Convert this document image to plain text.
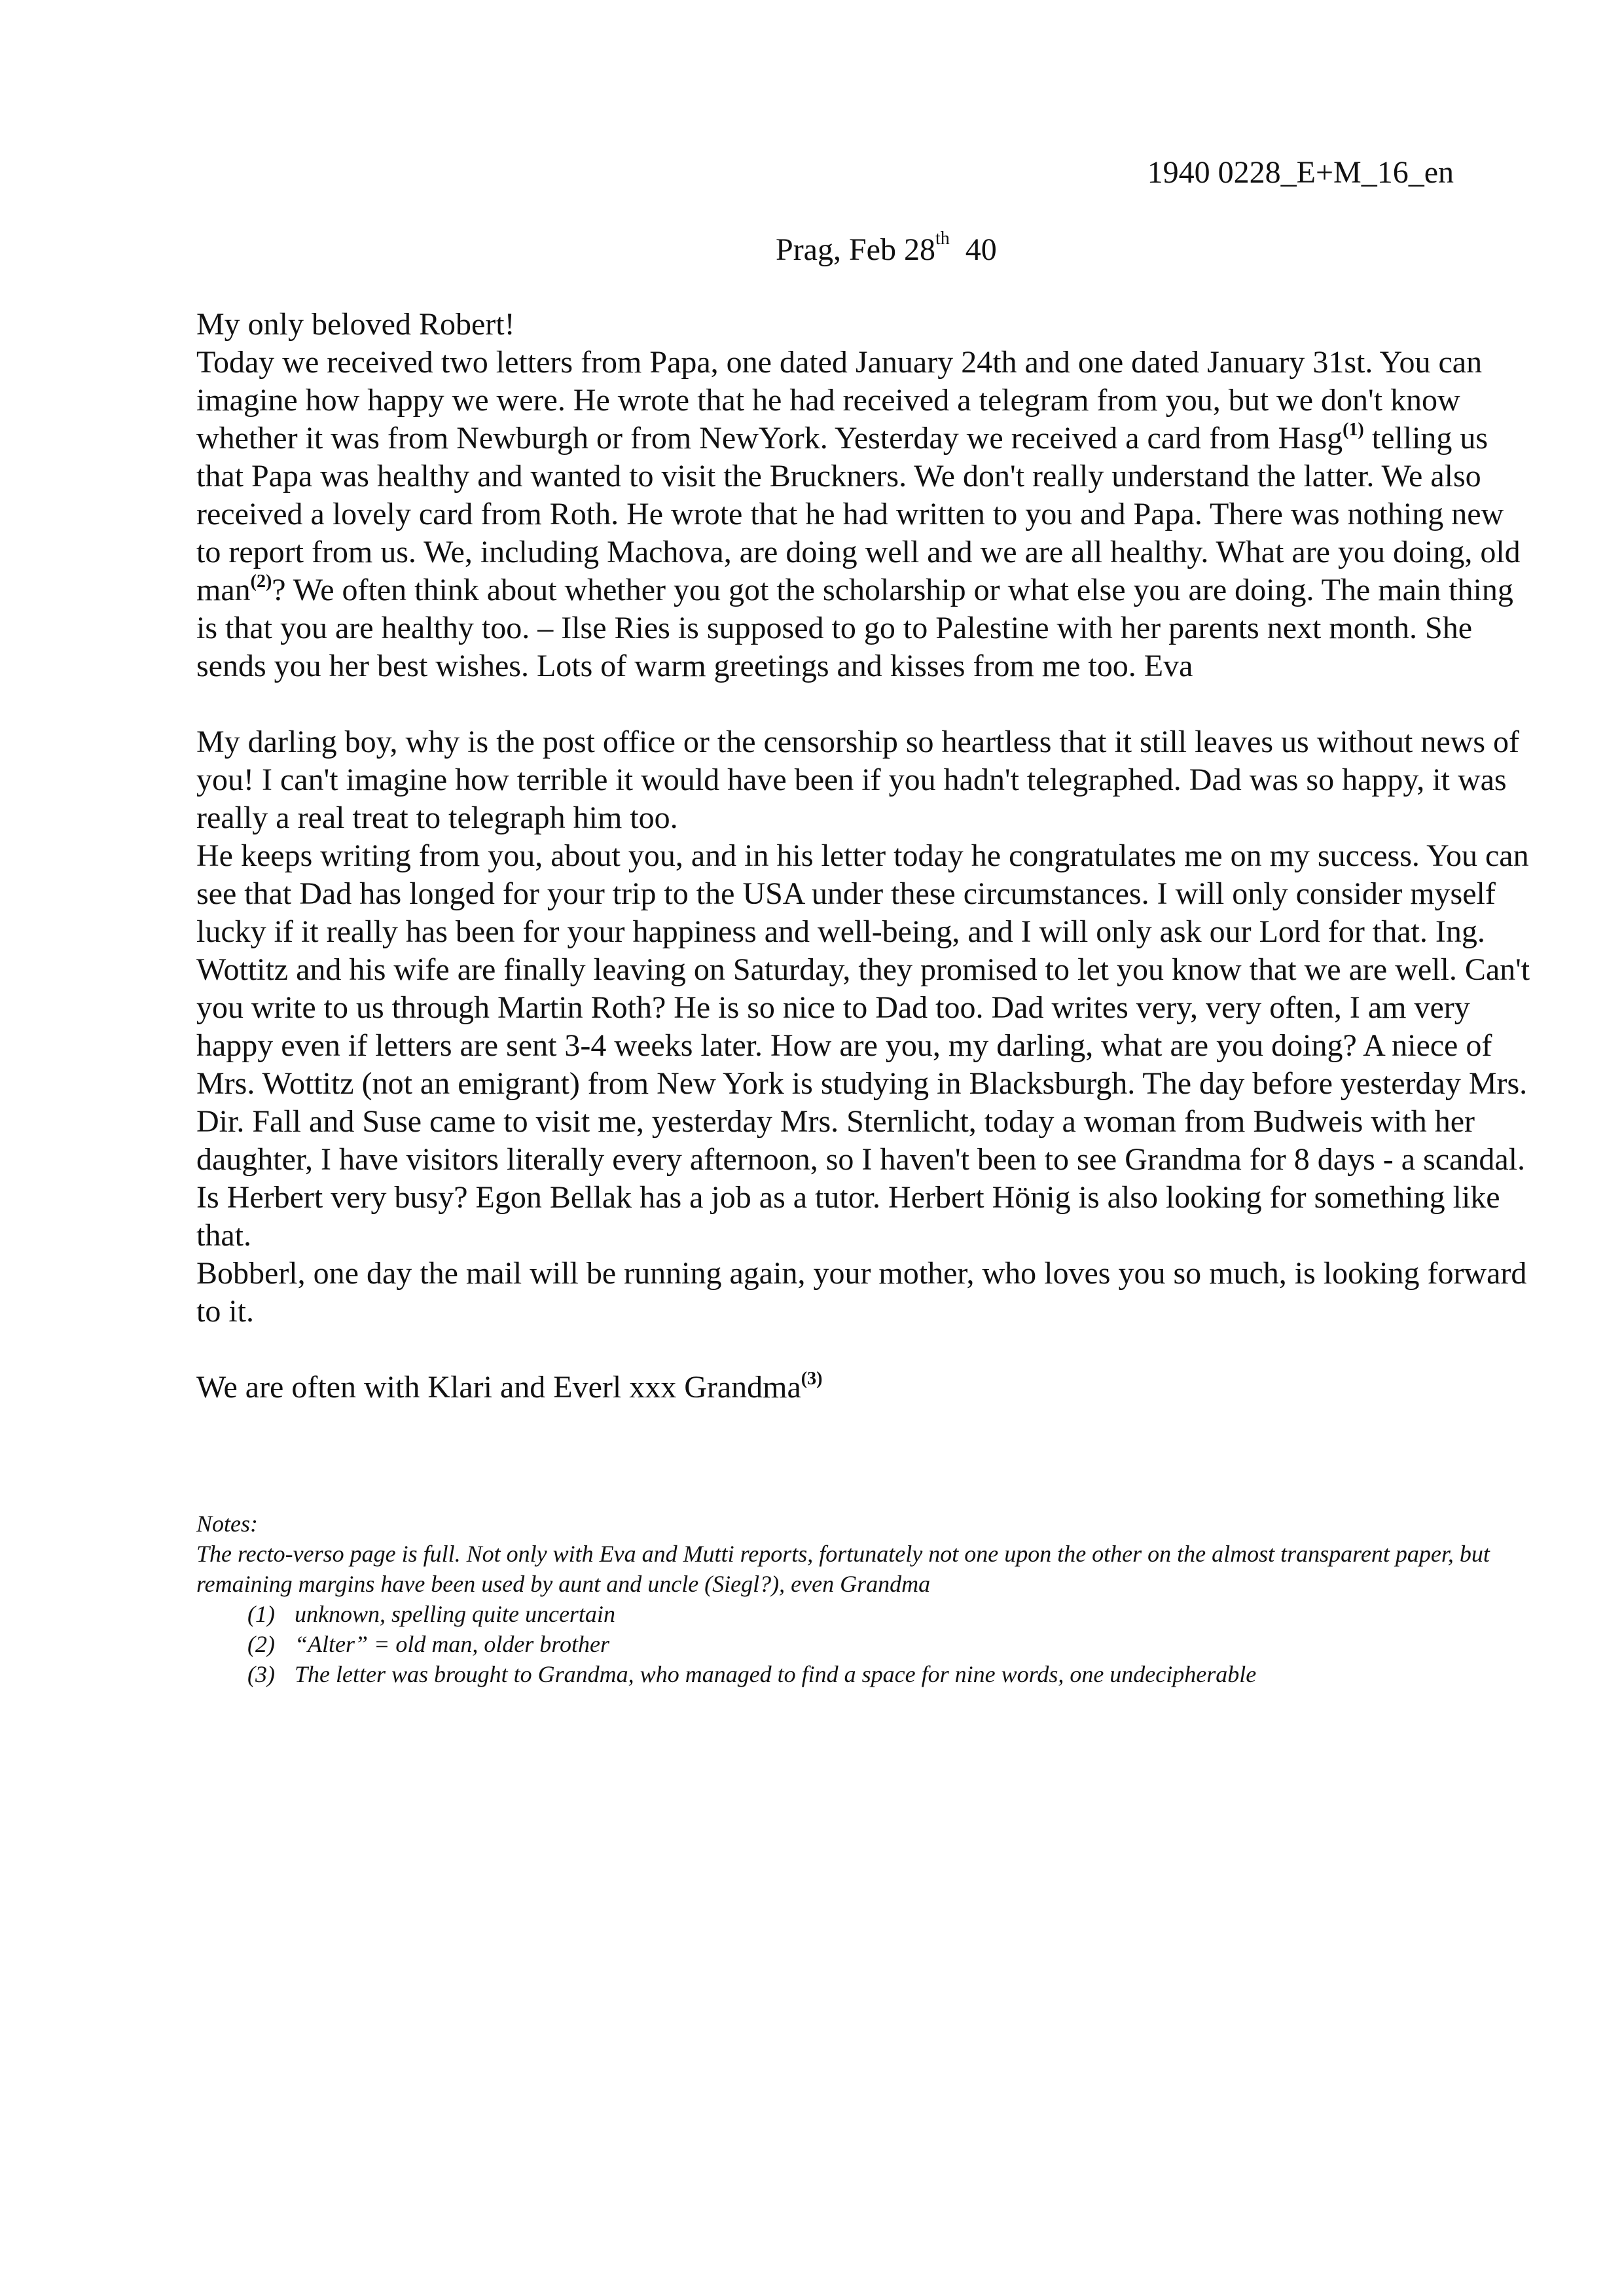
1940 0228_E+M_16_en
Prag, Feb 28th 40

My only beloved Robert!

Today we received two letters from Papa, one dated January 24th and one dated January 31st. You can imagine how happy we were. He wrote that he had received a telegram from you, but we don't know whether it was from Newburgh or from NewYork. Yesterday we received a card from Hasg$^{(1)}$ telling us that Papa was healthy and wanted to visit the Bruckners. We don't really understand the latter. We also received a lovely card from Roth. He wrote that he had written to you and Papa. There was nothing new to report from us. We, including Machova, are doing well and we are all healthy. What are you doing, old man$^{(2)}$? We often think about whether you got the scholarship or what else you are doing. The main thing is that you are healthy too. – Ilse Ries is supposed to go to Palestine with her parents next month. She sends you her best wishes. Lots of warm greetings and kisses from me too. Eva

My darling boy, why is the post office or the censorship so heartless that it still leaves us without news of you! I can't imagine how terrible it would have been if you hadn't telegraphed. Dad was so happy, it was really a real treat to telegraph him too.

He keeps writing from you, about you, and in his letter today he congratulates me on my success. You can see that Dad has longed for your trip to the USA under these circumstances. I will only consider myself lucky if it really has been for your happiness and well-being, and I will only ask our Lord for that. Ing. Wottitz and his wife are finally leaving on Saturday, they promised to let you know that we are well. Can't you write to us through Martin Roth? He is so nice to Dad too. Dad writes very, very often, I am very happy even if letters are sent 3-4 weeks later. How are you, my darling, what are you doing? A niece of Mrs. Wottitz (not an emigrant) from New York is studying in Blacksburgh. The day before yesterday Mrs. Dir. Fall and Suse came to visit me, yesterday Mrs. Sternlicht, today a woman from Budweis with her daughter, I have visitors literally every afternoon, so I haven't been to see Grandma for 8 days - a scandal. Is Herbert very busy? Egon Bellak has a job as a tutor. Herbert Hönig is also looking for something like that.

Bobberl, one day the mail will be running again, your mother, who loves you so much, is looking forward to it.

We are often with Klari and Everl xxx Grandma$^{(3)}$

Notes:

The recto-verso page is full. Not only with Eva and Mutti reports, fortunately not one upon the other on the almost transparent paper, but remaining margins have been used by aunt and uncle (Siegl?), even Grandma

(1) unknown, spelling quite uncertain
(2) “Alter” = old man, older brother
(3) The letter was brought to Grandma, who managed to find a space for nine words, one undecipherable
